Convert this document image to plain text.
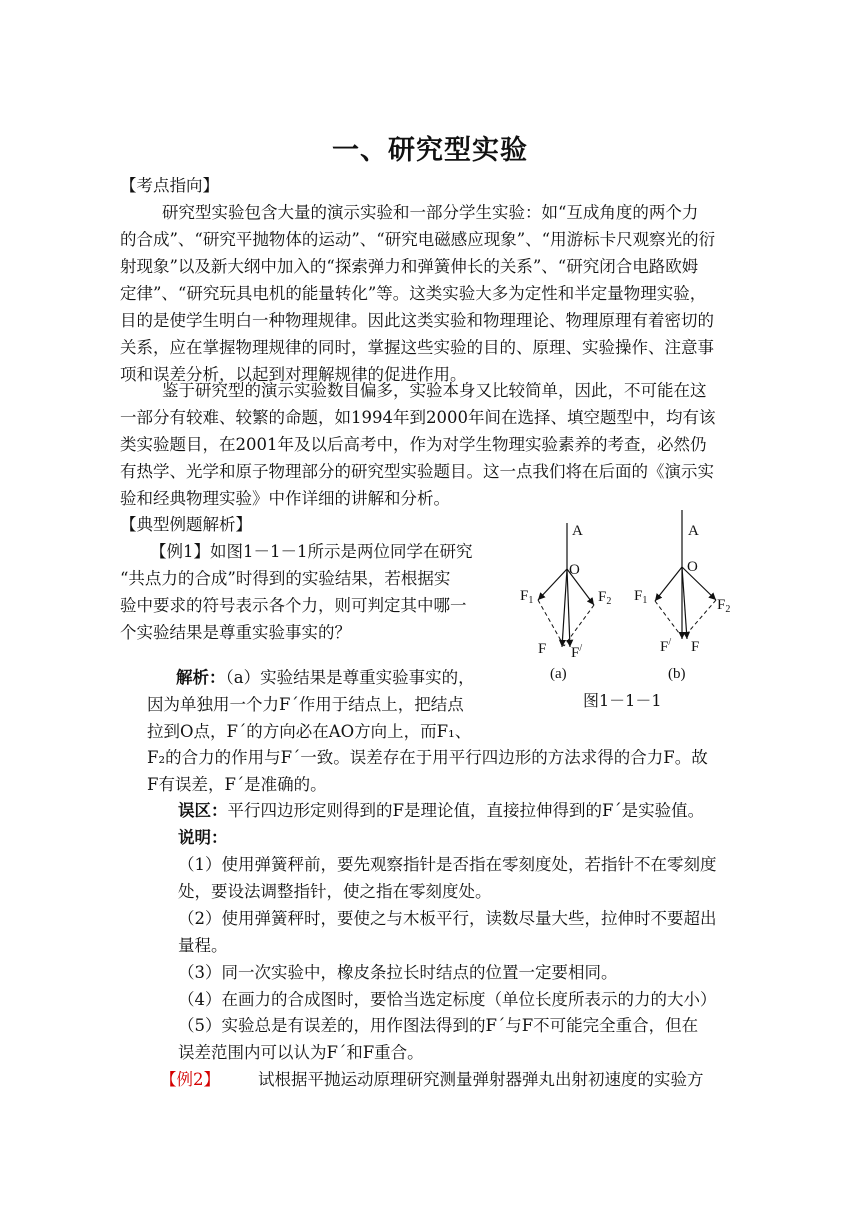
一、研究型实验
【考点指向】
研究型实验包含大量的演示实验和一部分学生实验：如“互成角度的两个力
的合成”、“研究平抛物体的运动”、“研究电磁感应现象”、“用游标卡尺观察光的衍
射现象”以及新大纲中加入的“探索弹力和弹簧伸长的关系”、“研究闭合电路欧姆
定律”、“研究玩具电机的能量转化”等。这类实验大多为定性和半定量物理实验，
目的是使学生明白一种物理规律。因此这类实验和物理理论、物理原理有着密切的
关系，应在掌握物理规律的同时，掌握这些实验的目的、原理、实验操作、注意事
项和误差分析，以起到对理解规律的促进作用。
鉴于研究型的演示实验数目偏多，实验本身又比较简单，因此，不可能在这
一部分有较难、较繁的命题，如1994年到2000年间在选择、填空题型中，均有该
类实验题目，在2001年及以后高考中，作为对学生物理实验素养的考查，必然仍
有热学、光学和原子物理部分的研究型实验题目。这一点我们将在后面的《演示实
验和经典物理实验》中作详细的讲解和分析。
【典型例题解析】
【例1】如图1－1－1所示是两位同学在研究
“共点力的合成”时得到的实验结果，若根据实
验中要求的符号表示各个力，则可判定其中哪一
个实验结果是尊重实验事实的？
解析：（a）实验结果是尊重实验事实的，
因为单独用一个力F´作用于结点上，把结点
拉到O点，F´的方向必在AO方向上，而F₁、
F₂的合力的作用与F´一致。误差存在于用平行四边形的方法求得的合力F。故
F有误差，F´是准确的。
误区：平行四边形定则得到的F是理论值，直接拉伸得到的F´是实验值。
说明：
（1）使用弹簧秤前，要先观察指针是否指在零刻度处，若指针不在零刻度
处，要设法调整指针，使之指在零刻度处。
（2）使用弹簧秤时，要使之与木板平行，读数尽量大些，拉伸时不要超出
量程。
（3）同一次实验中，橡皮条拉长时结点的位置一定要相同。
（4）在画力的合成图时，要恰当选定标度（单位长度所表示的力的大小）
（5）实验总是有误差的，用作图法得到的F´与F不可能完全重合，但在
误差范围内可以认为F´和F重合。
【例2】 试根据平抛运动原理研究测量弹射器弹丸出射初速度的实验方
A
O
$F_1$	$F_2$
F F/
(a)
A
O
$F_1$	$F_2$
F/ F
(b)
图1－1－1
